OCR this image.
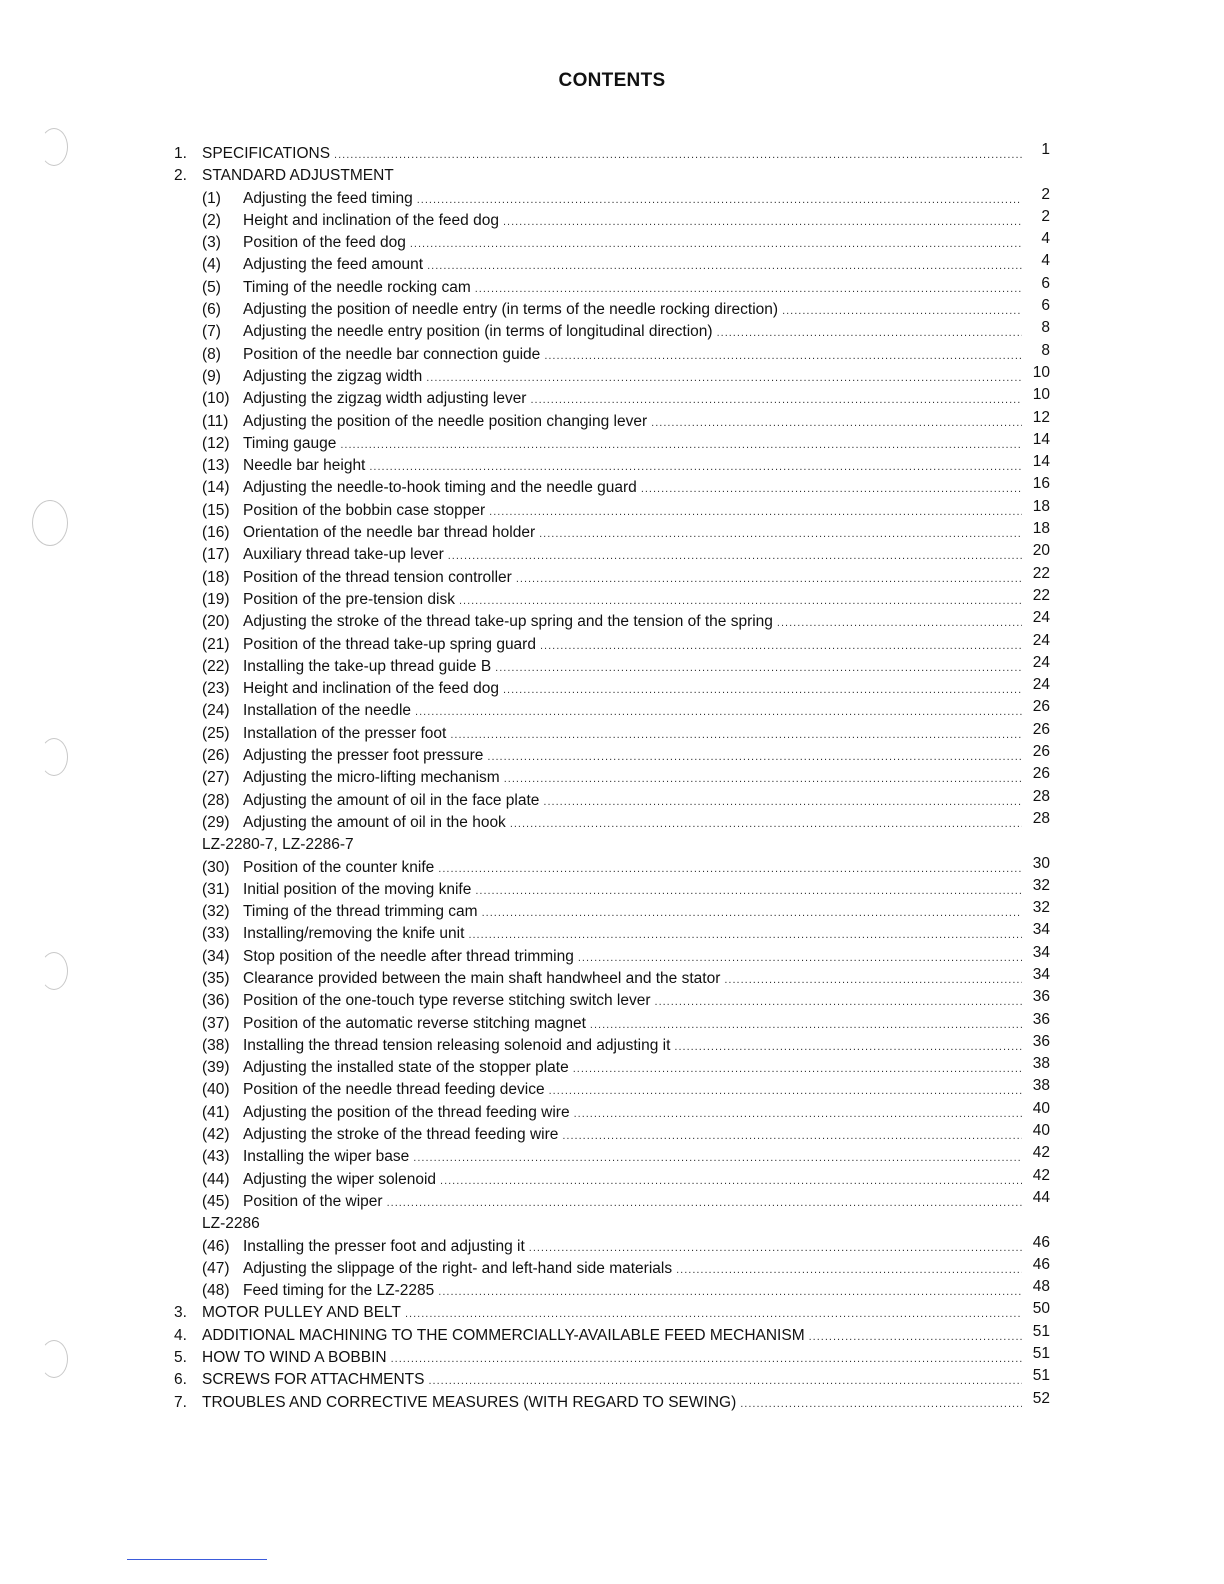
CONTENTS
1. SPECIFICATIONS .....	1
2. STANDARD ADJUSTMENT
(1)	Adjusting the feed timing .....	2
(2)	Height and inclination of the feed dog .....	2
(3)	Position of the feed dog .....	4
(4)	Adjusting the feed amount .....	4
(5)	Timing of the needle rocking cam .....	6
(6)	Adjusting the position of needle entry (in terms of the needle rocking direction) .....	6
(7)	Adjusting the needle entry position (in terms of longitudinal direction) .....	8
(8)	Position of the needle bar connection guide .....	8
(9)	Adjusting the zigzag width .....	10
(10) Adjusting the zigzag width adjusting lever .....	10
(11) Adjusting the position of the needle position changing lever .....	12
(12) Timing gauge .....	14
(13) Needle bar height .....	14
(14) Adjusting the needle-to-hook timing and the needle guard .....	16
(15) Position of the bobbin case stopper .....	18
(16) Orientation of the needle bar thread holder .....	18
(17) Auxiliary thread take-up lever .....	20
(18) Position of the thread tension controller .....	22
(19) Position of the pre-tension disk .....	22
(20) Adjusting the stroke of the thread take-up spring and the tension of the spring .....	24
(21) Position of the thread take-up spring guard .....	24
(22) Installing the take-up thread guide B .....	24
(23) Height and inclination of the feed dog .....	24
(24) Installation of the needle .....	26
(25) Installation of the presser foot .....	26
(26) Adjusting the presser foot pressure .....	26
(27) Adjusting the micro-lifting mechanism .....	26
(28) Adjusting the amount of oil in the face plate .....	28
(29) Adjusting the amount of oil in the hook .....	28
LZ-2280-7, LZ-2286-7
(30) Position of the counter knife .....	30
(31) Initial position of the moving knife .....	32
(32) Timing of the thread trimming cam .....	32
(33) Installing/removing the knife unit .....	34
(34) Stop position of the needle after thread trimming .....	34
(35) Clearance provided between the main shaft handwheel and the stator .....	34
(36) Position of the one-touch type reverse stitching switch lever .....	36
(37) Position of the automatic reverse stitching magnet .....	36
(38) Installing the thread tension releasing solenoid and adjusting it .....	36
(39) Adjusting the installed state of the stopper plate .....	38
(40) Position of the needle thread feeding device .....	38
(41) Adjusting the position of the thread feeding wire .....	40
(42) Adjusting the stroke of the thread feeding wire .....	40
(43) Installing the wiper base .....	42
(44) Adjusting the wiper solenoid .....	42
(45) Position of the wiper .....	44
LZ-2286
(46) Installing the presser foot and adjusting it .....	46
(47) Adjusting the slippage of the right- and left-hand side materials .....	46
(48) Feed timing for the LZ-2285 .....	48
3. MOTOR PULLEY AND BELT .....	50
4. ADDITIONAL MACHINING TO THE COMMERCIALLY-AVAILABLE FEED MECHANISM .....	51
5. HOW TO WIND A BOBBIN .....	51
6. SCREWS FOR ATTACHMENTS .....	51
7. TROUBLES AND CORRECTIVE MEASURES (WITH REGARD TO SEWING) .....	52
